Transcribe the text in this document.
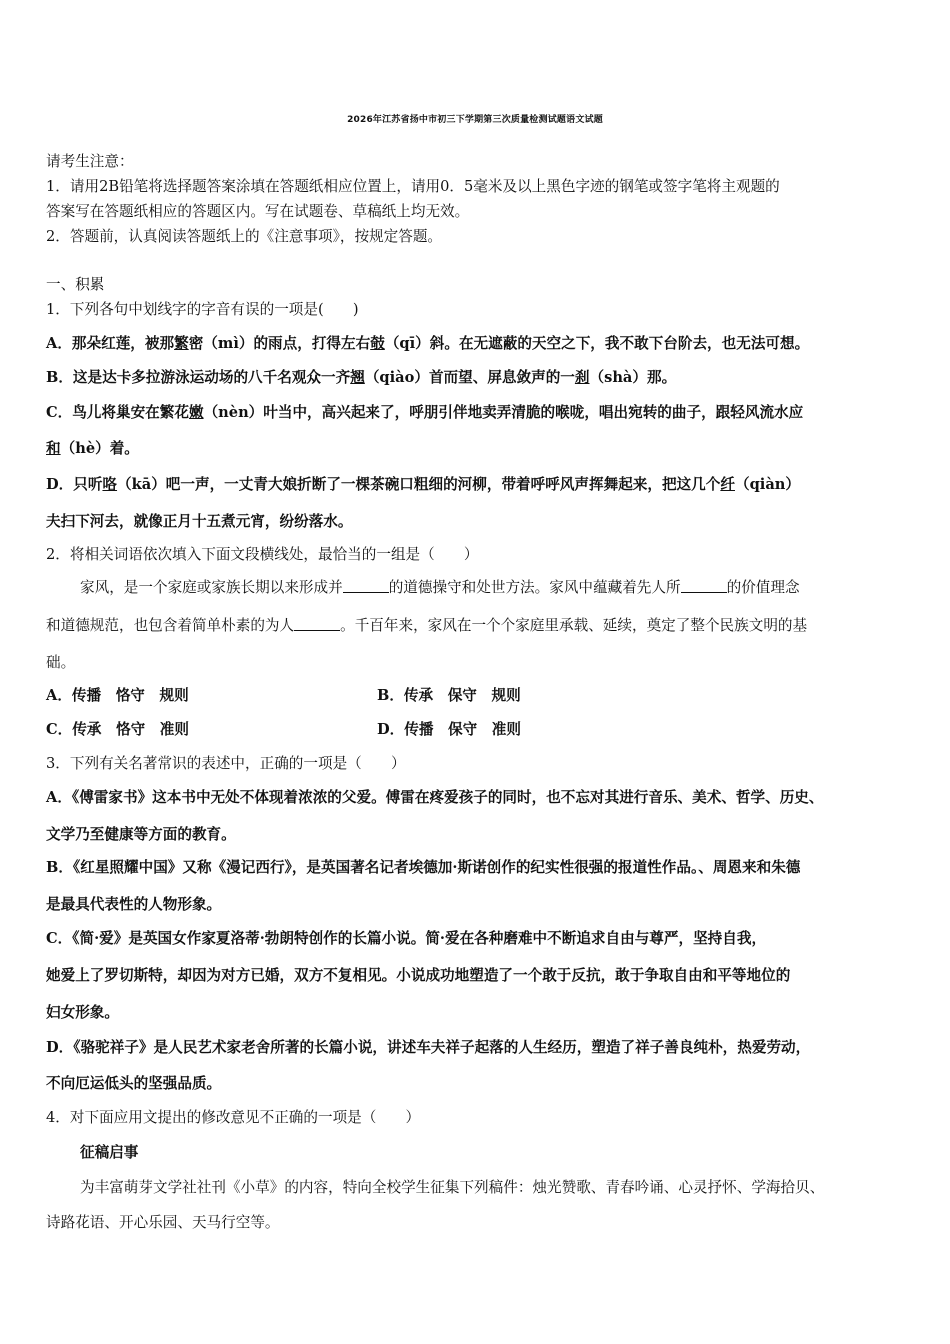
2026年江苏省扬中市初三下学期第三次质量检测试题语文试题
请考生注意：
1．请用2B铅笔将选择题答案涂填在答题纸相应位置上，请用0．5毫米及以上黑色字迹的钢笔或签字笔将主观题的
答案写在答题纸相应的答题区内。写在试题卷、草稿纸上均无效。
2．答题前，认真阅读答题纸上的《注意事项》，按规定答题。
一、积累
1．下列各句中划线字的字音有误的一项是(　　)
A．那朵红莲，被那繁密（mì）的雨点，打得左右攲（qī）斜。在无遮蔽的天空之下，我不敢下台阶去，也无法可想。
B．这是达卡多拉游泳运动场的八千名观众一齐翘（qiào）首而望、屏息敛声的一刹（shà）那。
C．鸟儿将巢安在繁花嫩（nèn）叶当中，高兴起来了，呼朋引伴地卖弄清脆的喉咙，唱出宛转的曲子，跟轻风流水应
和（hè）着。
D．只听咯（kā）吧一声，一丈青大娘折断了一棵茶碗口粗细的河柳，带着呼呼风声挥舞起来，把这几个纤（qiàn）
夫扫下河去，就像正月十五煮元宵，纷纷落水。
2．将相关词语依次填入下面文段横线处，最恰当的一组是（　　）
家风，是一个家庭或家族长期以来形成并	的道德操守和处世方法。家风中蕴藏着先人所	的价值理念
和道德规范，也包含着简单朴素的为人	。千百年来，家风在一个个家庭里承载、延续，奠定了整个民族文明的基
础。
A．传播　恪守　规则	B．传承　保守　规则
C．传承　恪守　准则	D．传播　保守　准则
3．下列有关名著常识的表述中，正确的一项是（　　）
A．《傅雷家书》这本书中无处不体现着浓浓的父爱。傅雷在疼爱孩子的同时，也不忘对其进行音乐、美术、哲学、历史、
文学乃至健康等方面的教育。
B．《红星照耀中国》又称《漫记西行》，是英国著名记者埃德加·斯诺创作的纪实性很强的报道性作品。、周恩来和朱德
是最具代表性的人物形象。
C．《简·爱》是英国女作家夏洛蒂·勃朗特创作的长篇小说。简·爱在各种磨难中不断追求自由与尊严，坚持自我，
她爱上了罗切斯特，却因为对方已婚，双方不复相见。小说成功地塑造了一个敢于反抗，敢于争取自由和平等地位的
妇女形象。
D．《骆驼祥子》是人民艺术家老舍所著的长篇小说，讲述车夫祥子起落的人生经历，塑造了祥子善良纯朴，热爱劳动，
不向厄运低头的坚强品质。
4．对下面应用文提出的修改意见不正确的一项是（　　）
征稿启事
为丰富萌芽文学社社刊《小草》的内容，特向全校学生征集下列稿件：烛光赞歌、青春吟诵、心灵抒怀、学海拾贝、
诗路花语、开心乐园、天马行空等。
